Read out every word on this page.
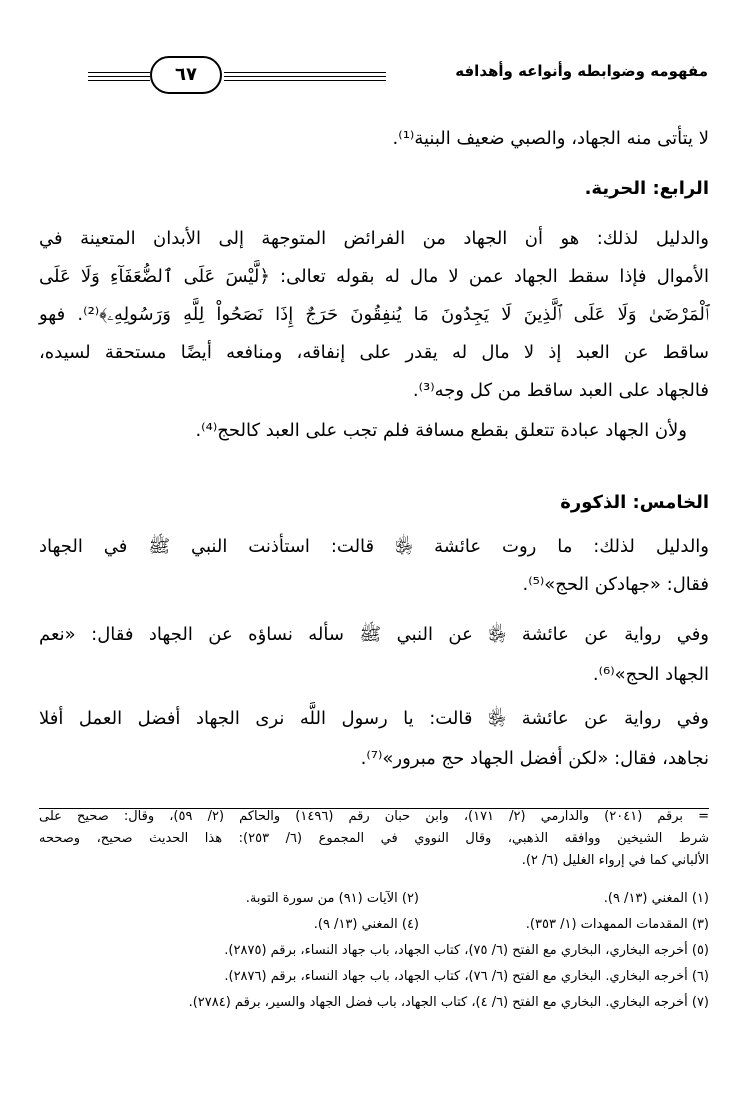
مفهومه وضوابطه وأنواعه وأهدافه
٦٧
لا يتأتى منه الجهاد، والصبي ضعيف البنية⁽¹⁾.
الرابع: الحرية.
والدليل لذلك: هو أن الجهاد من الفرائض المتوجهة إلى الأبدان المتعينة في
الأموال فإذا سقط الجهاد عمن لا مال له بقوله تعالى: ﴿لَّيْسَ عَلَى ٱلضُّعَفَآءِ وَلَا عَلَى
ٱلْمَرْضَىٰ وَلَا عَلَى ٱلَّذِينَ لَا يَجِدُونَ مَا يُنفِقُونَ حَرَجٌ إِذَا نَصَحُواْ لِلَّهِ وَرَسُولِهِۦ﴾⁽²⁾. فهو
ساقط عن العبد إذ لا مال له يقدر على إنفاقه، ومنافعه أيضًا مستحقة لسيده،
فالجهاد على العبد ساقط من كل وجه⁽³⁾.
ولأن الجهاد عبادة تتعلق بقطع مسافة فلم تجب على العبد كالحج⁽⁴⁾.
الخامس: الذكورة
والدليل لذلك: ما روت عائشة ﵂ قالت: استأذنت النبي ﷺ في الجهاد
فقال: «جهادكن الحج»⁽⁵⁾.
وفي رواية عن عائشة ﵂ عن النبي ﷺ سأله نساؤه عن الجهاد فقال: «نعم
الجهاد الحج»⁽⁶⁾.
وفي رواية عن عائشة ﵂ قالت: يا رسول اللَّه نرى الجهاد أفضل العمل أفلا
نجاهد، فقال: «لكن أفضل الجهاد حج مبرور»⁽⁷⁾.
= برقم (٢٠٤١) والدارمي (٢/ ١٧١)، وابن حبان رقم (١٤٩٦) والحاكم (٢/ ٥٩)، وقال: صحيح على
شرط الشيخين ووافقه الذهبي، وقال النووي في المجموع (٦/ ٢٥٣): هذا الحديث صحيح، وصححه
الألباني كما في إرواء الغليل (٦/ ٢).
(١) المغني (١٣/ ٩).
(٢) الآيات (٩١) من سورة التوبة.
(٣) المقدمات الممهدات (١/ ٣٥٣).
(٤) المغني (١٣/ ٩).
(٥) أخرجه البخاري، البخاري مع الفتح (٦/ ٧٥)، كتاب الجهاد، باب جهاد النساء، برقم (٢٨٧٥).
(٦) أخرجه البخاري. البخاري مع الفتح (٦/ ٧٦)، كتاب الجهاد، باب جهاد النساء، برقم (٢٨٧٦).
(٧) أخرجه البخاري. البخاري مع الفتح (٦/ ٤)، كتاب الجهاد، باب فضل الجهاد والسير، برقم (٢٧٨٤).
